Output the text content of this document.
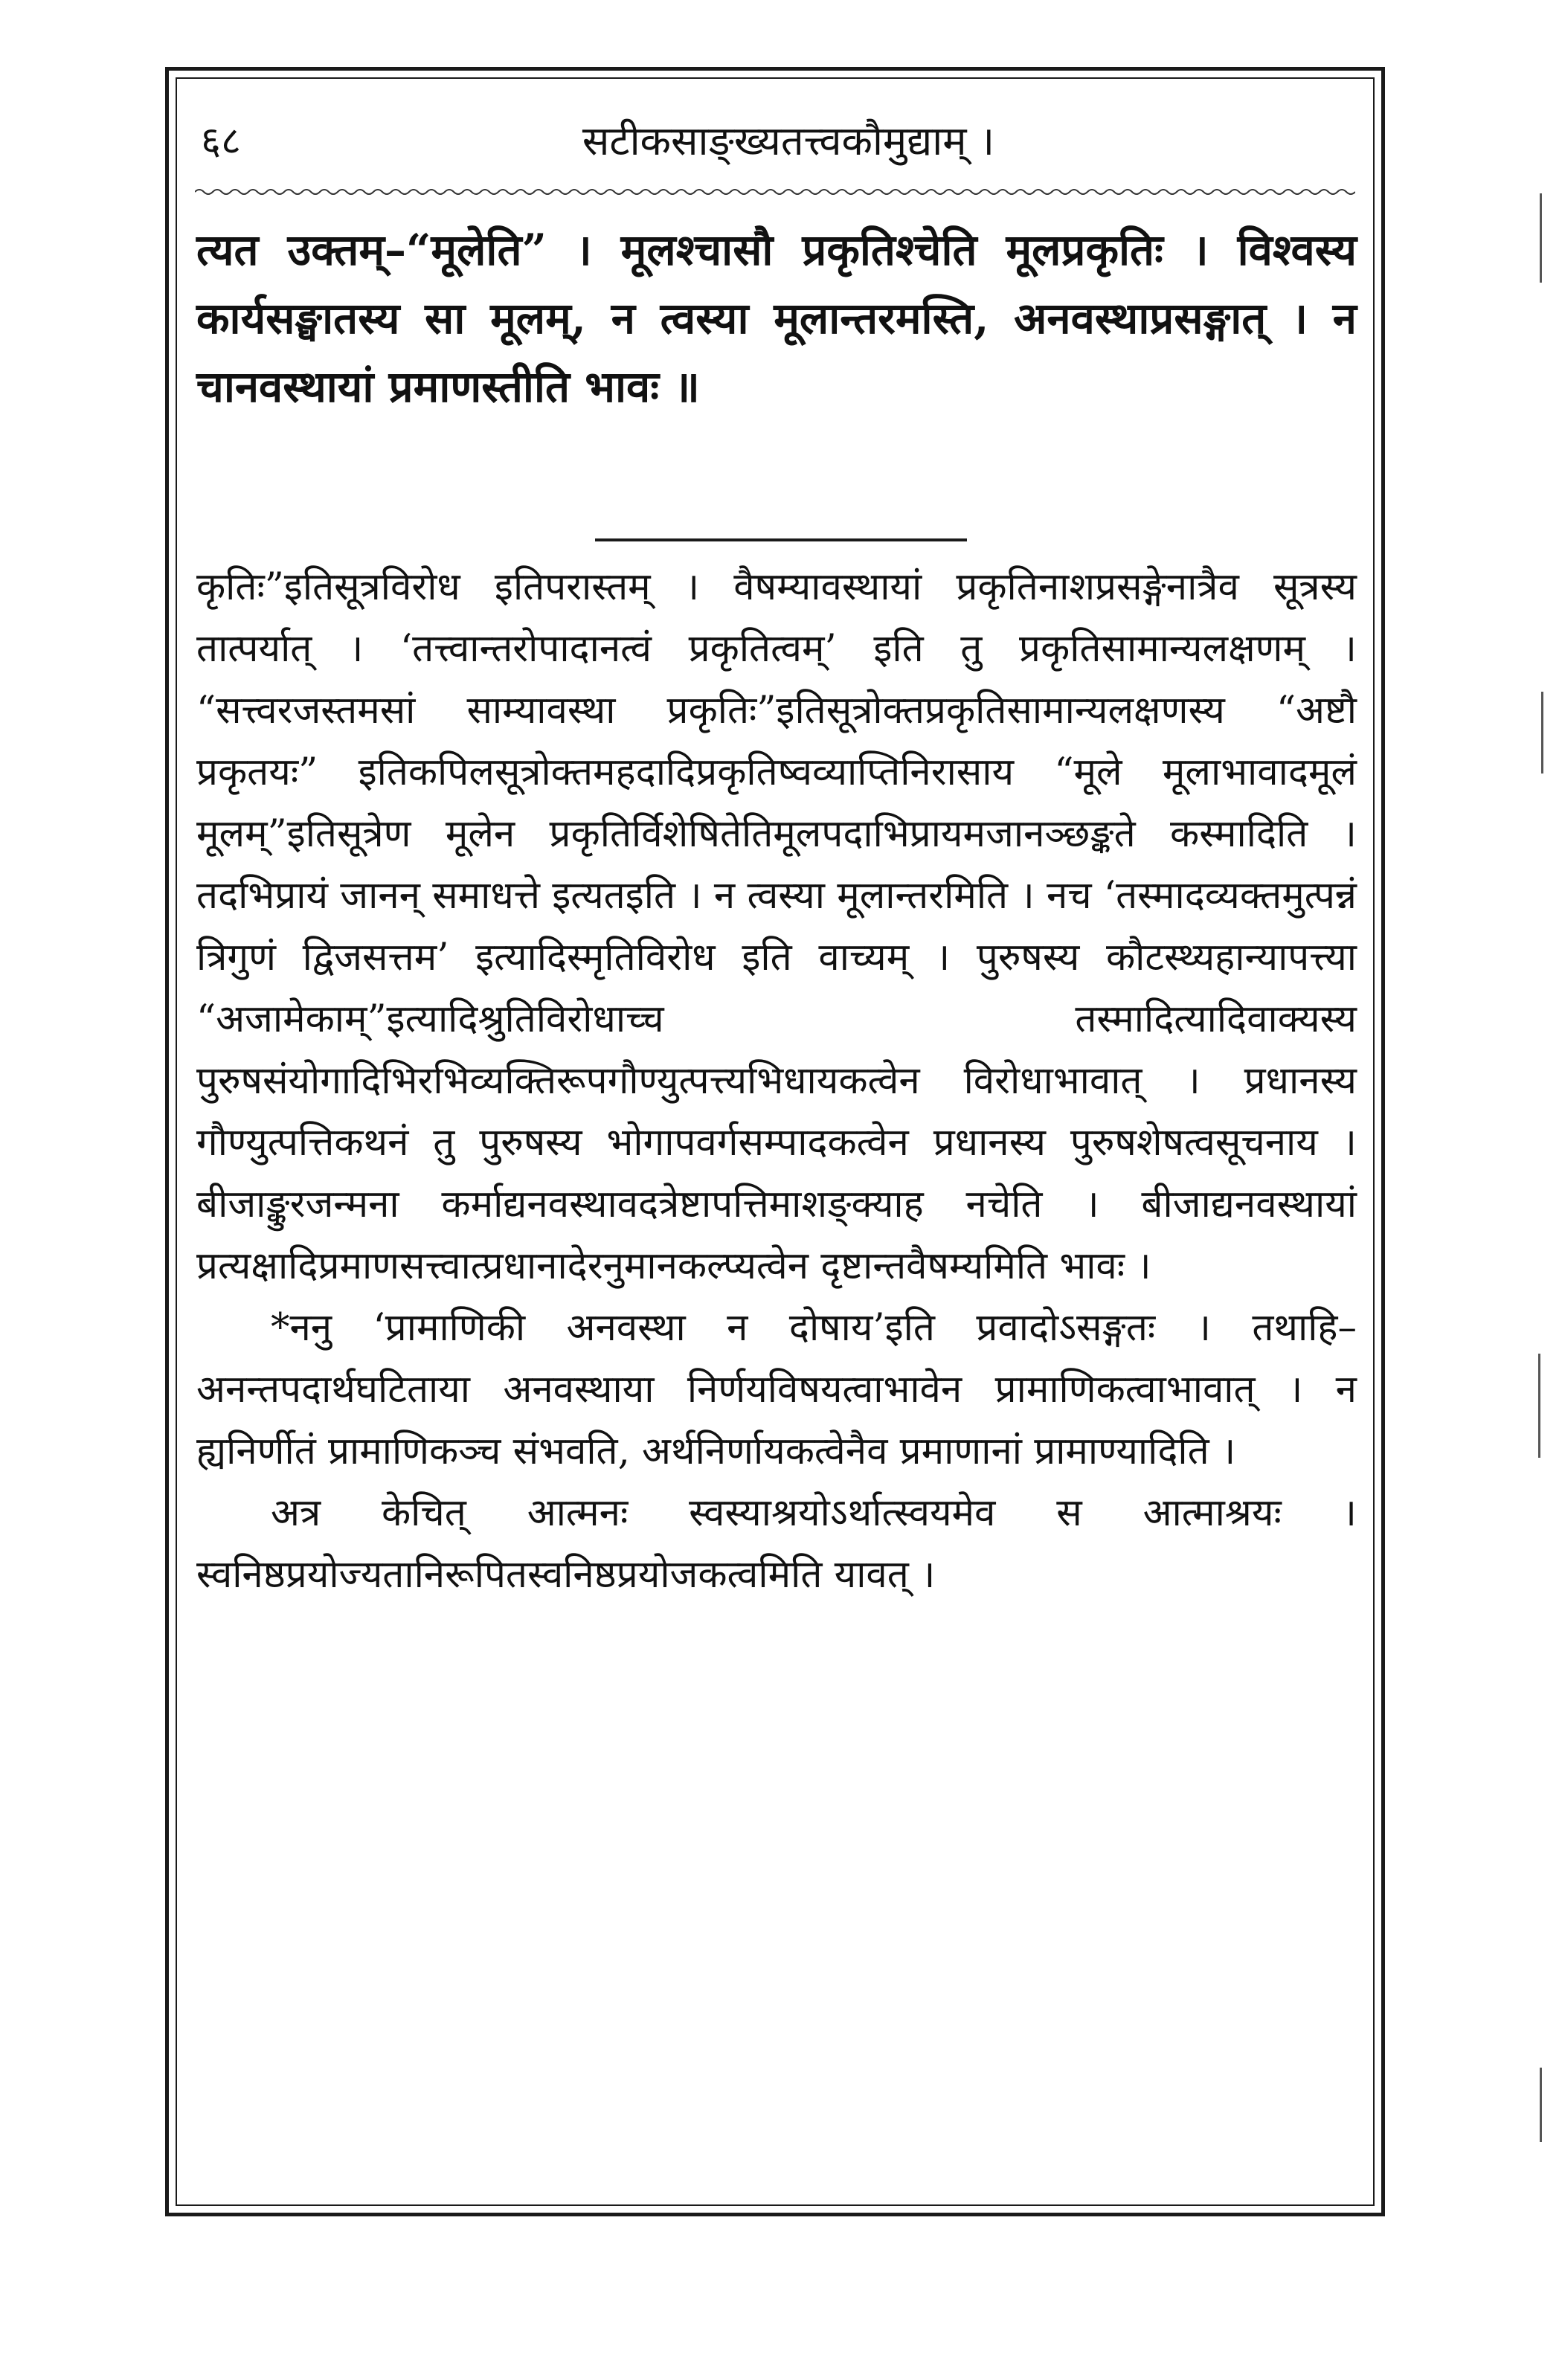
६८	सटीकसाङ्ख्यतत्त्वकौमुद्याम् ।

त्यत उक्तम्–“मूलेति” । मूलश्चासौ प्रकृतिश्चेति मूलप्रकृतिः । विश्वस्य कार्यसङ्घातस्य सा मूलम्, न त्वस्या मूलान्तरमस्ति, अनवस्थाप्रसङ्गात् । न चानवस्थायां प्रमाणस्तीति भावः ॥

कृतिः”इतिसूत्रविरोध इतिपरास्तम् । वैषम्यावस्थायां प्रकृतिनाशप्रसङ्गेनात्रैव सूत्रस्य तात्पर्यात् । ‘तत्त्वान्तरोपादानत्वं प्रकृतित्वम्’ इति तु प्रकृतिसामान्यलक्षणम् । “सत्त्वरजस्तमसां साम्यावस्था प्रकृतिः”इतिसूत्रोक्तप्रकृतिसामान्यलक्षणस्य “अष्टौ प्रकृतयः” इतिकपिलसूत्रोक्तमहदादिप्रकृतिष्वव्याप्तिनिरासाय “मूले मूलाभावादमूलं मूलम्”इतिसूत्रेण मूलेन प्रकृतिर्विशेषितेतिमूलपदाभिप्रायमजानञ्छङ्कते कस्मादिति । तदभिप्रायं जानन् समाधत्ते इत्यतइति । न त्वस्या मूलान्तरमिति । नच ‘तस्मादव्यक्तमुत्पन्नं त्रिगुणं द्विजसत्तम’ इत्यादिस्मृतिविरोध इति वाच्यम् । पुरुषस्य कौटस्थ्यहान्यापत्त्या “अजामेकाम्”इत्यादिश्रुतिविरोधाच्च तस्मादित्यादिवाक्यस्य पुरुषसंयोगादिभिरभिव्यक्तिरूपगौण्युत्पत्त्यभिधायकत्वेन विरोधाभावात् । प्रधानस्य गौण्युत्पत्तिकथनं तु पुरुषस्य भोगापवर्गसम्पादकत्वेन प्रधानस्य पुरुषशेषत्वसूचनाय । बीजाङ्कुरजन्मना कर्माद्यनवस्थावदत्रेष्टापत्तिमाशङ्क्याह नचेति । बीजाद्यनवस्थायां प्रत्यक्षादिप्रमाणसत्त्वात्प्रधानादेरनुमानकल्प्यत्वेन दृष्टान्तवैषम्यमिति भावः ।

*ननु ‘प्रामाणिकी अनवस्था न दोषाय’इति प्रवादोऽसङ्गतः । तथाहि–अनन्तपदार्थघटिताया अनवस्थाया निर्णयविषयत्वाभावेन प्रामाणिकत्वाभावात् । न ह्यनिर्णीतं प्रामाणिकञ्च संभवति, अर्थनिर्णायकत्वेनैव प्रमाणानां प्रामाण्यादिति ।

अत्र केचित् आत्मनः स्वस्याश्रयोऽर्थात्स्वयमेव स आत्माश्रयः । स्वनिष्ठप्रयोज्यतानिरूपितस्वनिष्ठप्रयोजकत्वमिति यावत् ।
